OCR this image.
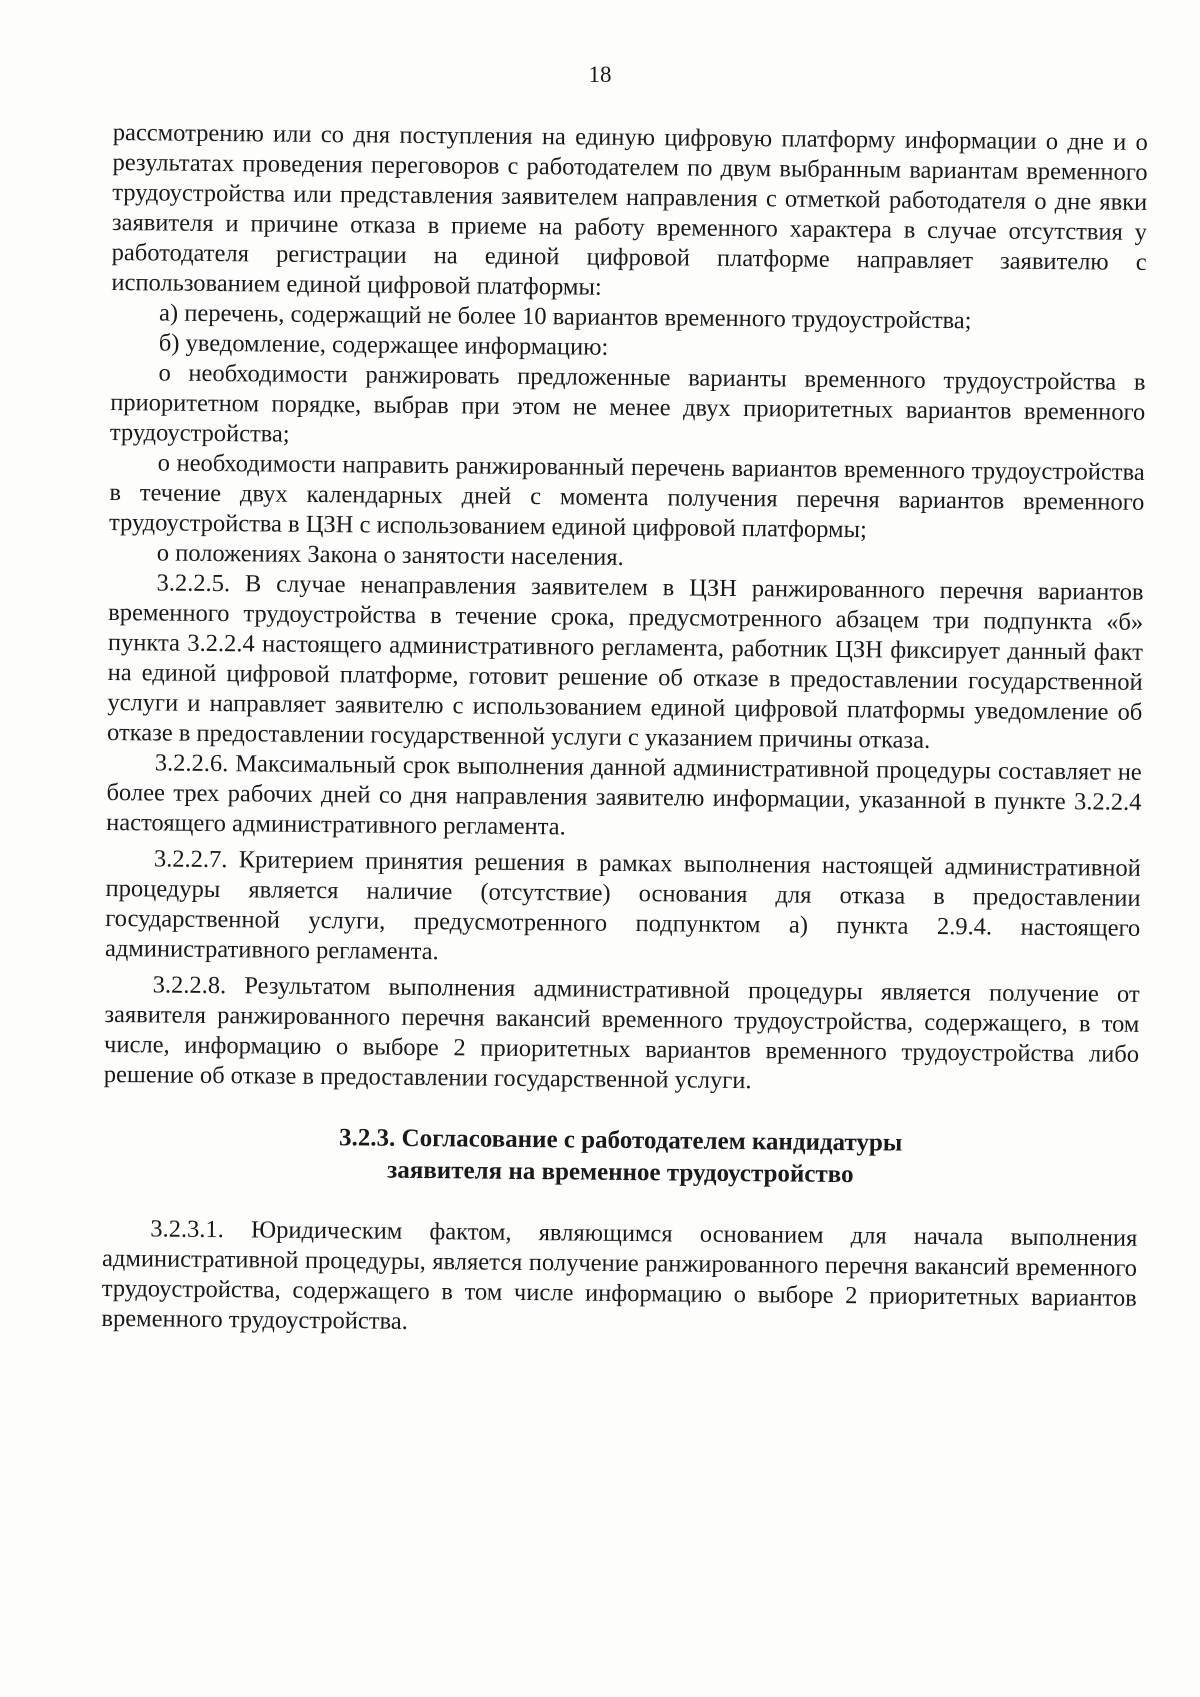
18

рассмотрению или со дня поступления на единую цифровую платформу информации о дне и о результатах проведения переговоров с работодателем по двум выбранным вариантам временного трудоустройства или представления заявителем направления с отметкой работодателя о дне явки заявителя и причине отказа в приеме на работу временного характера в случае отсутствия у работодателя регистрации на единой цифровой платформе направляет заявителю с использованием единой цифровой платформы:

а) перечень, содержащий не более 10 вариантов временного трудоустройства;

б) уведомление, содержащее информацию:

о необходимости ранжировать предложенные варианты временного трудоустройства в приоритетном порядке, выбрав при этом не менее двух приоритетных вариантов временного трудоустройства;

о необходимости направить ранжированный перечень вариантов временного трудоустройства в течение двух календарных дней с момента получения перечня вариантов временного трудоустройства в ЦЗН с использованием единой цифровой платформы;

о положениях Закона о занятости населения.

3.2.2.5. В случае ненаправления заявителем в ЦЗН ранжированного перечня вариантов временного трудоустройства в течение срока, предусмотренного абзацем три подпункта «б» пункта 3.2.2.4 настоящего административного регламента, работник ЦЗН фиксирует данный факт на единой цифровой платформе, готовит решение об отказе в предоставлении государственной услуги и направляет заявителю с использованием единой цифровой платформы уведомление об отказе в предоставлении государственной услуги с указанием причины отказа.

3.2.2.6. Максимальный срок выполнения данной административной процедуры составляет не более трех рабочих дней со дня направления заявителю информации, указанной в пункте 3.2.2.4 настоящего административного регламента.

3.2.2.7. Критерием принятия решения в рамках выполнения настоящей административной процедуры является наличие (отсутствие) основания для отказа в предоставлении государственной услуги, предусмотренного подпунктом а) пункта 2.9.4. настоящего административного регламента.

3.2.2.8. Результатом выполнения административной процедуры является получение от заявителя ранжированного перечня вакансий временного трудоустройства, содержащего, в том числе, информацию о выборе 2 приоритетных вариантов временного трудоустройства либо решение об отказе в предоставлении государственной услуги.

3.2.3. Согласование с работодателем кандидатуры
заявителя на временное трудоустройство

3.2.3.1. Юридическим фактом, являющимся основанием для начала выполнения административной процедуры, является получение ранжированного перечня вакансий временного трудоустройства, содержащего в том числе информацию о выборе 2 приоритетных вариантов временного трудоустройства.
